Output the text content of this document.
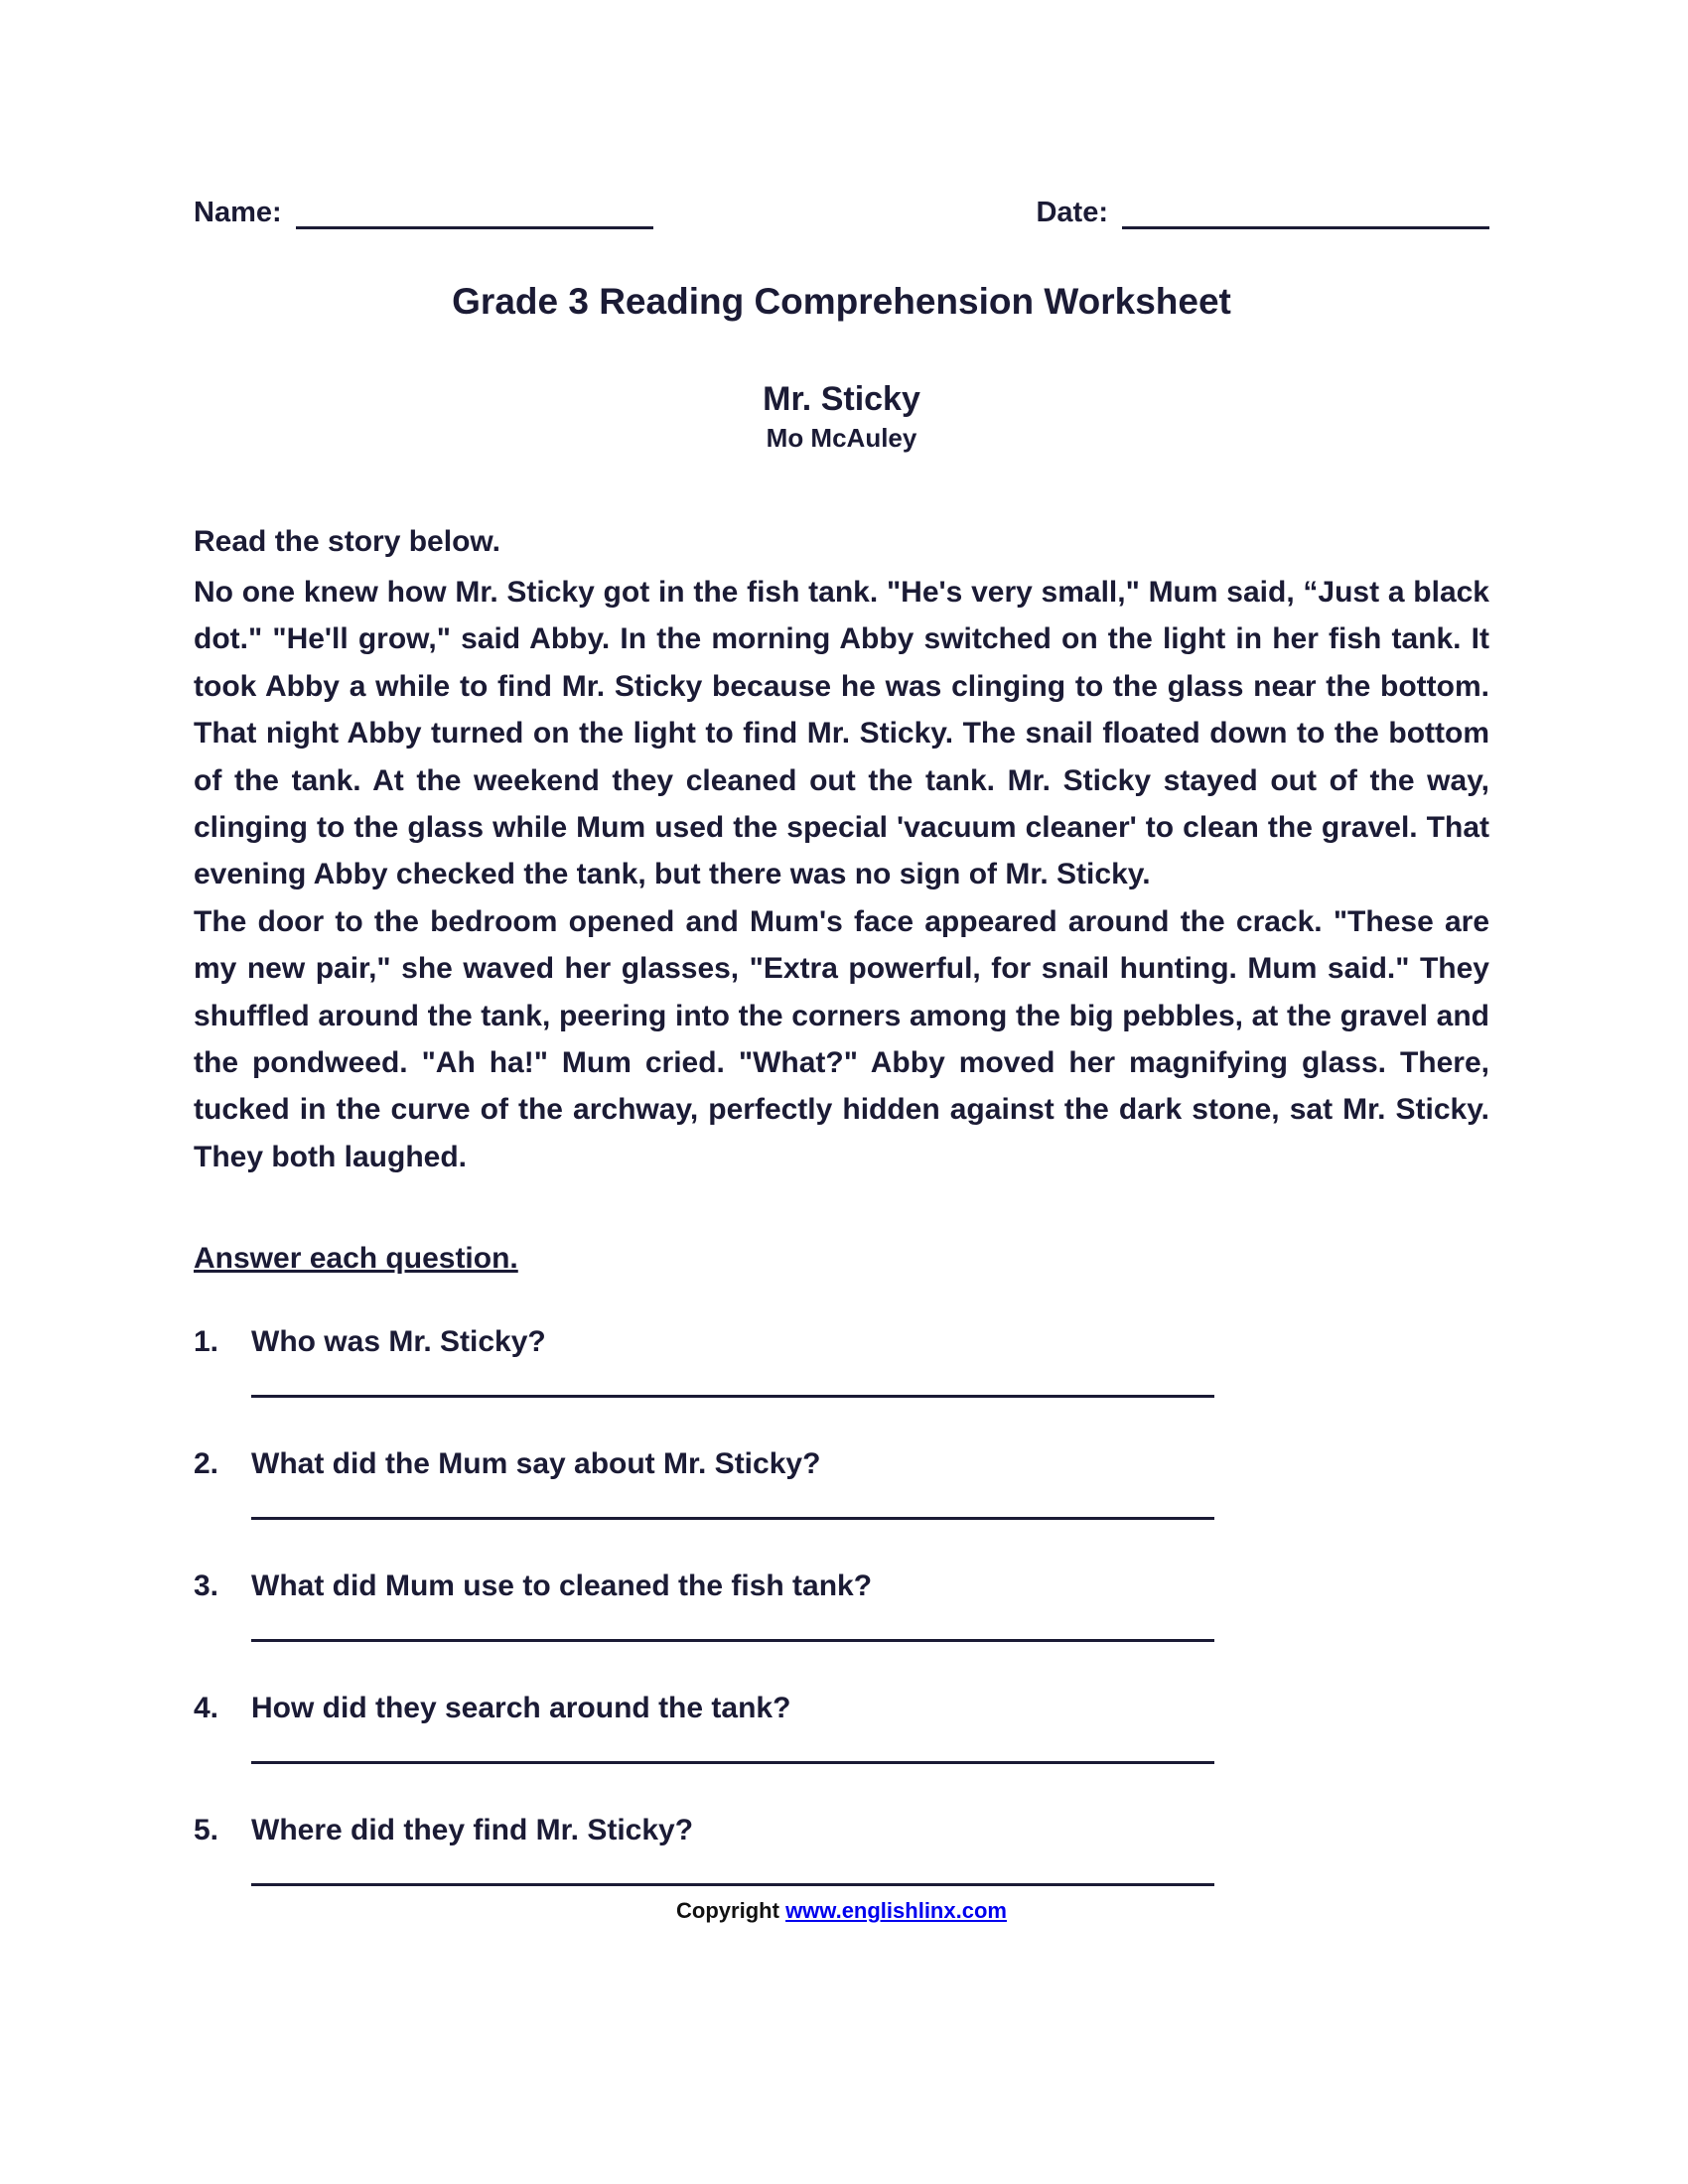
Name:	Date:
Grade 3 Reading Comprehension Worksheet
Mr. Sticky
Mo McAuley
Read the story below.

No one knew how Mr. Sticky got in the fish tank. "He's very small," Mum said, “Just a black dot." "He'll grow," said Abby. In the morning Abby switched on the light in her fish tank. It took Abby a while to find Mr. Sticky because he was clinging to the glass near the bottom. That night Abby turned on the light to find Mr. Sticky. The snail floated down to the bottom of the tank. At the weekend they cleaned out the tank. Mr. Sticky stayed out of the way, clinging to the glass while Mum used the special 'vacuum cleaner' to clean the gravel. That evening Abby checked the tank, but there was no sign of Mr. Sticky.

The door to the bedroom opened and Mum's face appeared around the crack. "These are my new pair," she waved her glasses, "Extra powerful, for snail hunting. Mum said." They shuffled around the tank, peering into the corners among the big pebbles, at the gravel and the pondweed. "Ah ha!" Mum cried. "What?" Abby moved her magnifying glass. There, tucked in the curve of the archway, perfectly hidden against the dark stone, sat Mr. Sticky. They both laughed.

Answer each question.
1.	Who was Mr. Sticky?
2.	What did the Mum say about Mr. Sticky?
3.	What did Mum use to cleaned the fish tank?
4.	How did they search around the tank?
5.	Where did they find Mr. Sticky?
Copyright www.englishlinx.com
